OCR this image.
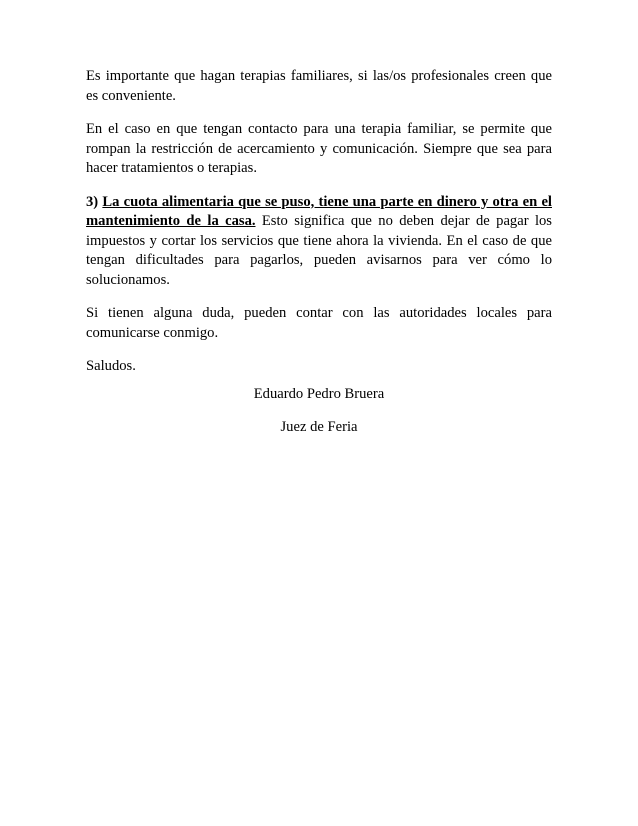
Es importante que hagan terapias familiares, si las/os profesionales creen que es conveniente.

En el caso en que tengan contacto para una terapia familiar, se permite que rompan la restricción de acercamiento y comunicación. Siempre que sea para hacer tratamientos o terapias.

3) La cuota alimentaria que se puso, tiene una parte en dinero y otra en el mantenimiento de la casa. Esto significa que no deben dejar de pagar los impuestos y cortar los servicios que tiene ahora la vivienda. En el caso de que tengan dificultades para pagarlos, pueden avisarnos para ver cómo lo solucionamos.

Si tienen alguna duda, pueden contar con las autoridades locales para comunicarse conmigo.

Saludos.

Eduardo Pedro Bruera
Juez de Feria
